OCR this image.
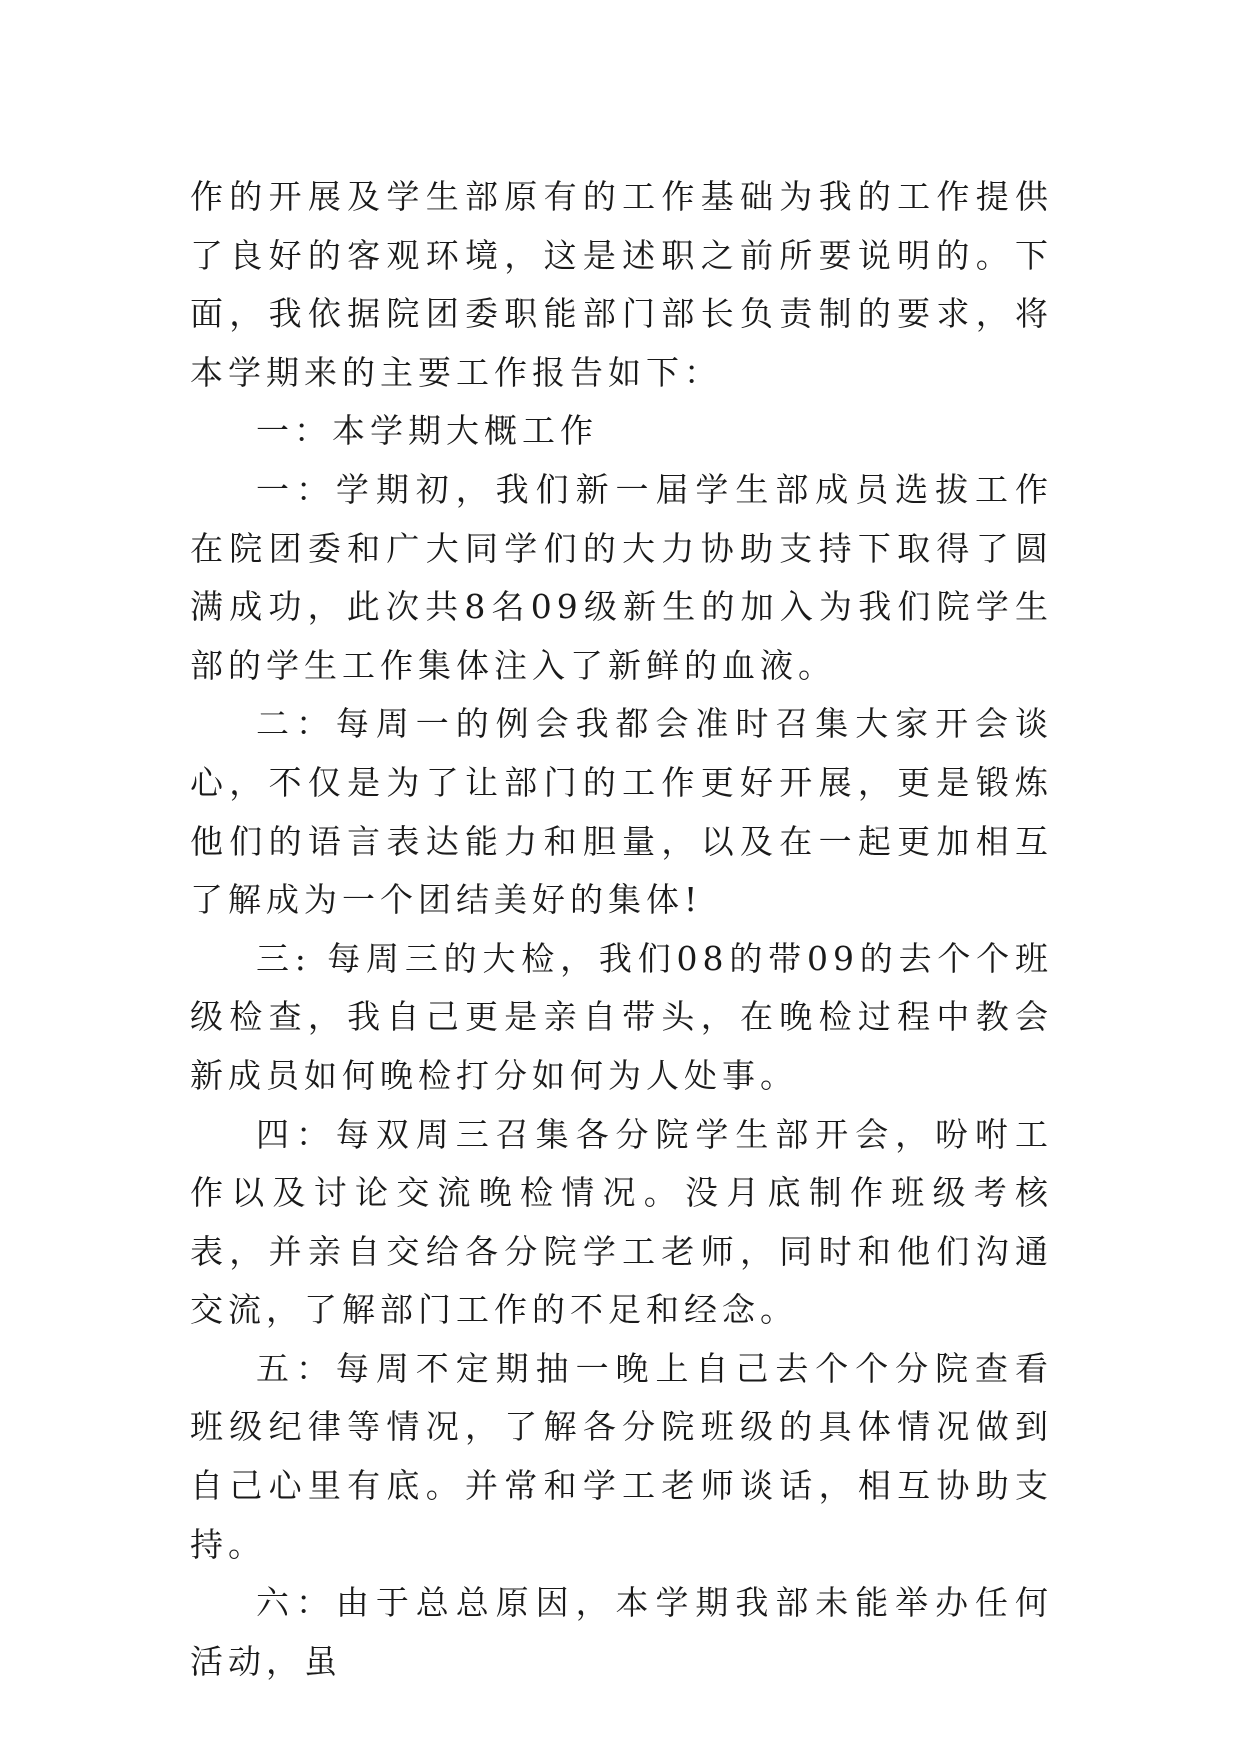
作的开展及学生部原有的工作基础为我的工作提供了良好的客观环境，这是述职之前所要说明的。下面，我依据院团委职能部门部长负责制的要求，将本学期来的主要工作报告如下：

一：本学期大概工作

一：学期初，我们新一届学生部成员选拔工作在院团委和广大同学们的大力协助支持下取得了圆满成功，此次共8名09级新生的加入为我们院学生部的学生工作集体注入了新鲜的血液。

二：每周一的例会我都会准时召集大家开会谈心，不仅是为了让部门的工作更好开展，更是锻炼他们的语言表达能力和胆量，以及在一起更加相互了解成为一个团结美好的集体!

三: 每周三的大检，我们08的带09的去个个班级检查，我自己更是亲自带头，在晚检过程中教会新成员如何晚检打分如何为人处事。

四：每双周三召集各分院学生部开会，吩咐工作以及讨论交流晚检情况。没月底制作班级考核表，并亲自交给各分院学工老师，同时和他们沟通交流，了解部门工作的不足和经念。

五：每周不定期抽一晚上自己去个个分院查看班级纪律等情况，了解各分院班级的具体情况做到自己心里有底。并常和学工老师谈话，相互协助支持。

六：由于总总原因，本学期我部未能举办任何活动，虽
